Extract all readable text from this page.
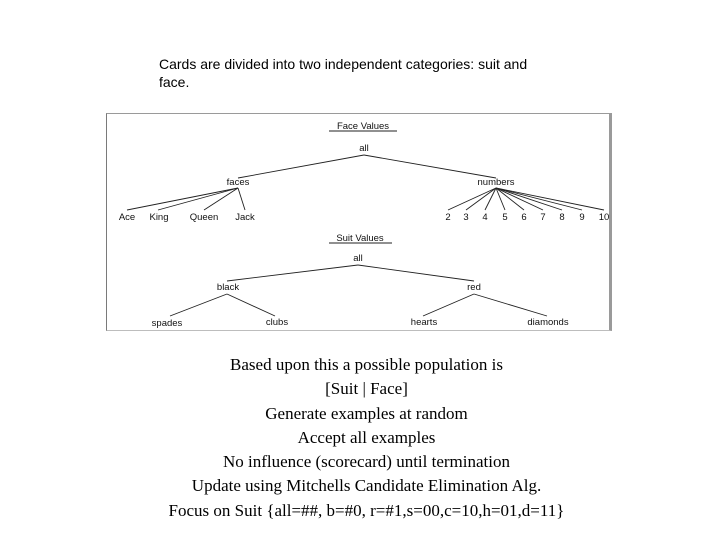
Cards are divided into two independent categories: suit and
face.
Face Values
all
faces	numbers
Ace King Queen Jack	2 3 4 5 6 7 8 9 10
Suit Values
all
black	red
spades	clubs	hearts	diamonds
Based upon this a possible population is
[Suit | Face]
Generate examples at random
Accept all examples
No influence (scorecard) until termination
Update using Mitchells Candidate Elimination Alg.
Focus on Suit {all=##, b=#0, r=#1,s=00,c=10,h=01,d=11}
